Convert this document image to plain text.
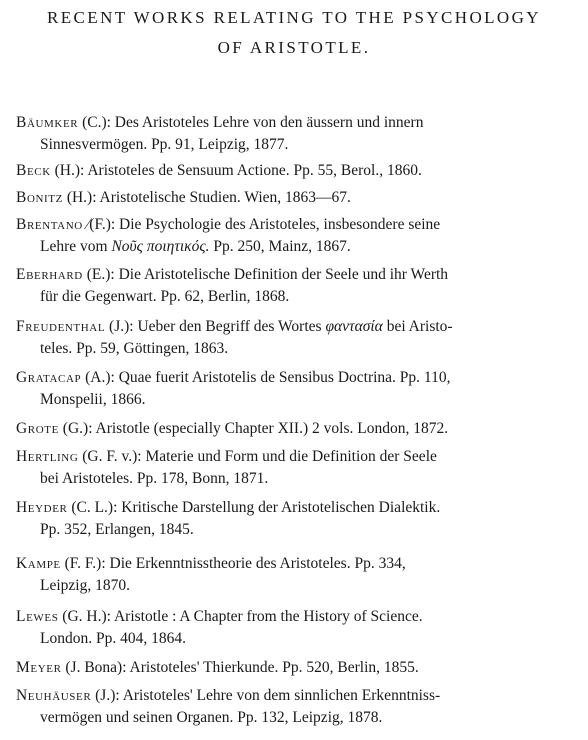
RECENT WORKS RELATING TO THE PSYCHOLOGY
OF ARISTOTLE.
Bäumker (C.): Des Aristoteles Lehre von den äussern und innern
Sinnesvermögen. Pp. 91, Leipzig, 1877.
Beck (H.): Aristoteles de Sensuum Actione. Pp. 55, Berol., 1860.
Bonitz (H.): Aristotelische Studien. Wien, 1863—67.
Brentano ⁄(F.): Die Psychologie des Aristoteles, insbesondere seine
Lehre vom Νοῦς ποιητικός. Pp. 250, Mainz, 1867.
Eberhard (E.): Die Aristotelische Definition der Seele und ihr Werth
für die Gegenwart. Pp. 62, Berlin, 1868.
Freudenthal (J.): Ueber den Begriff des Wortes φαντασία bei Aristo-
teles. Pp. 59, Göttingen, 1863.
Gratacap (A.): Quae fuerit Aristotelis de Sensibus Doctrina. Pp. 110,
Monspelii, 1866.
Grote (G.): Aristotle (especially Chapter XII.) 2 vols. London, 1872.
Hertling (G. F. v.): Materie und Form und die Definition der Seele
bei Aristoteles. Pp. 178, Bonn, 1871.
Heyder (C. L.): Kritische Darstellung der Aristotelischen Dialektik.
Pp. 352, Erlangen, 1845.
Kampe (F. F.): Die Erkenntnisstheorie des Aristoteles. Pp. 334,
Leipzig, 1870.
Lewes (G. H.): Aristotle : A Chapter from the History of Science.
London. Pp. 404, 1864.
Meyer (J. Bona): Aristoteles' Thierkunde. Pp. 520, Berlin, 1855.
Neuhäuser (J.): Aristoteles' Lehre von dem sinnlichen Erkenntniss-
vermögen und seinen Organen. Pp. 132, Leipzig, 1878.
